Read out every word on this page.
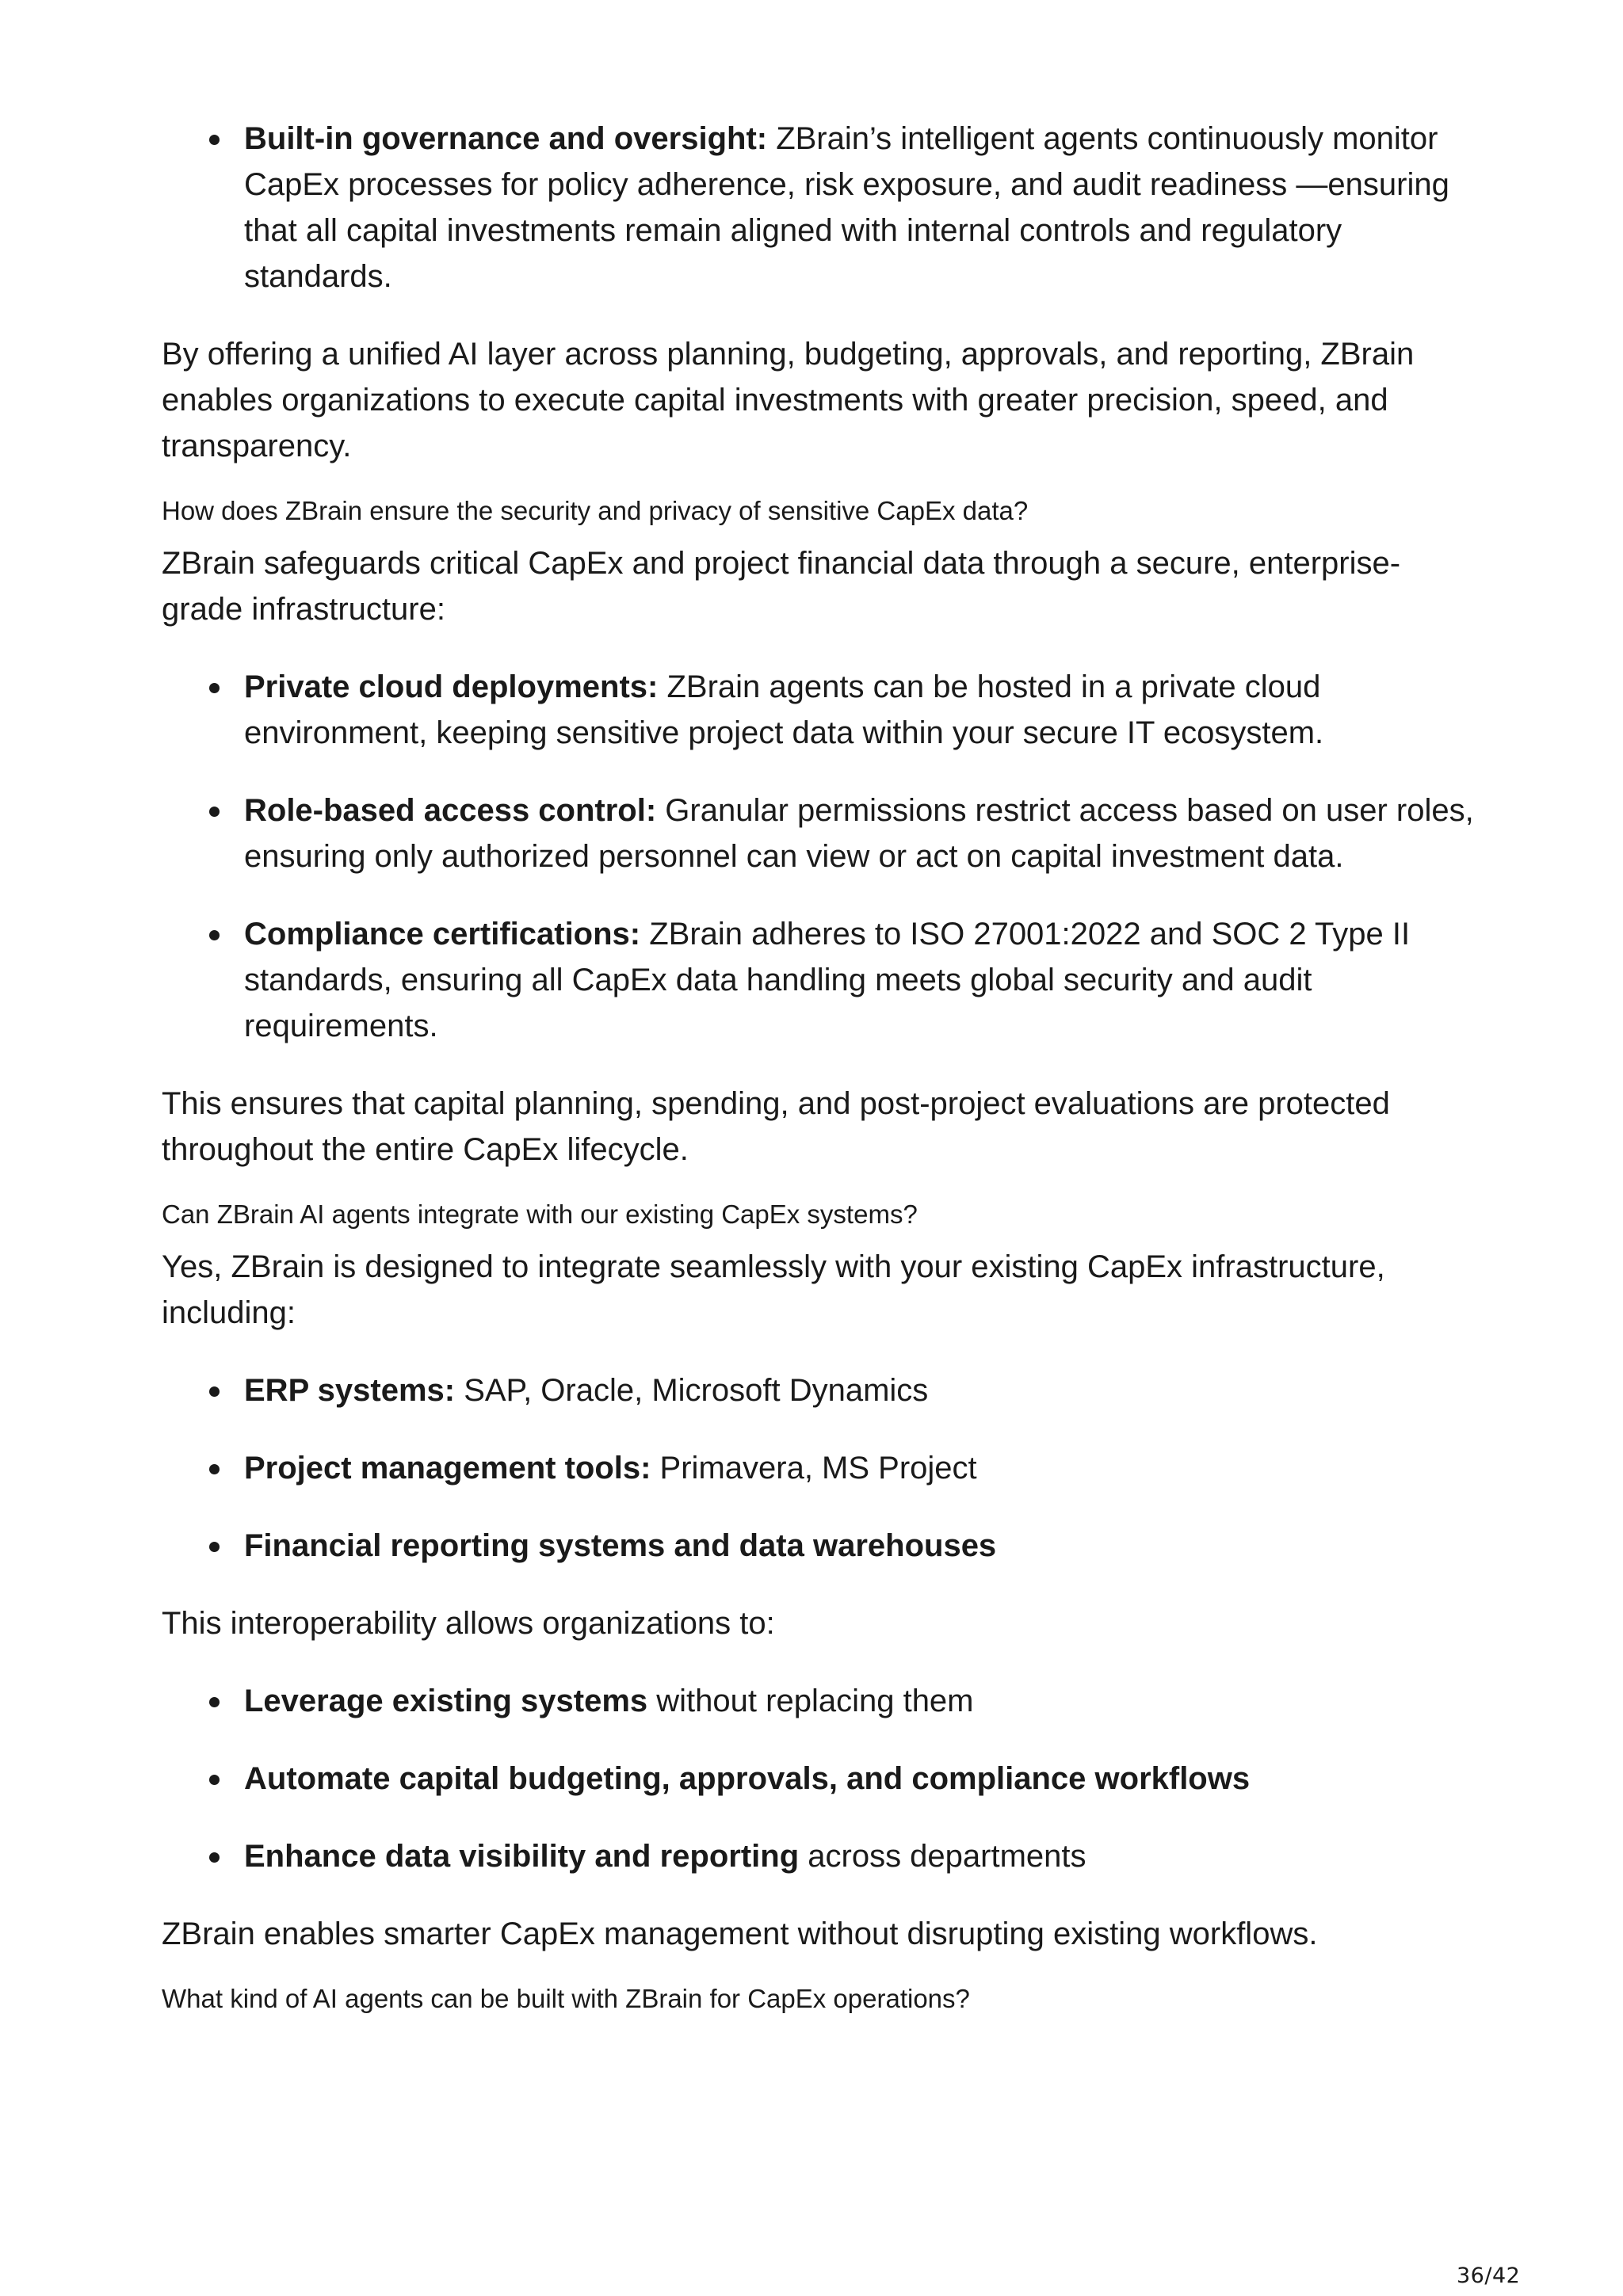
Built-in governance and oversight: ZBrain’s intelligent agents continuously monitor CapEx processes for policy adherence, risk exposure, and audit readiness —ensuring that all capital investments remain aligned with internal controls and regulatory standards.

By offering a unified AI layer across planning, budgeting, approvals, and reporting, ZBrain enables organizations to execute capital investments with greater precision, speed, and transparency.

How does ZBrain ensure the security and privacy of sensitive CapEx data?

ZBrain safeguards critical CapEx and project financial data through a secure, enterprise-grade infrastructure:

Private cloud deployments: ZBrain agents can be hosted in a private cloud environment, keeping sensitive project data within your secure IT ecosystem.
Role-based access control: Granular permissions restrict access based on user roles, ensuring only authorized personnel can view or act on capital investment data.
Compliance certifications: ZBrain adheres to ISO 27001:2022 and SOC 2 Type II standards, ensuring all CapEx data handling meets global security and audit requirements.

This ensures that capital planning, spending, and post-project evaluations are protected throughout the entire CapEx lifecycle.

Can ZBrain AI agents integrate with our existing CapEx systems?

Yes, ZBrain is designed to integrate seamlessly with your existing CapEx infrastructure, including:

ERP systems: SAP, Oracle, Microsoft Dynamics
Project management tools: Primavera, MS Project
Financial reporting systems and data warehouses

This interoperability allows organizations to:

Leverage existing systems without replacing them
Automate capital budgeting, approvals, and compliance workflows
Enhance data visibility and reporting across departments

ZBrain enables smarter CapEx management without disrupting existing workflows.

What kind of AI agents can be built with ZBrain for CapEx operations?

36/42
